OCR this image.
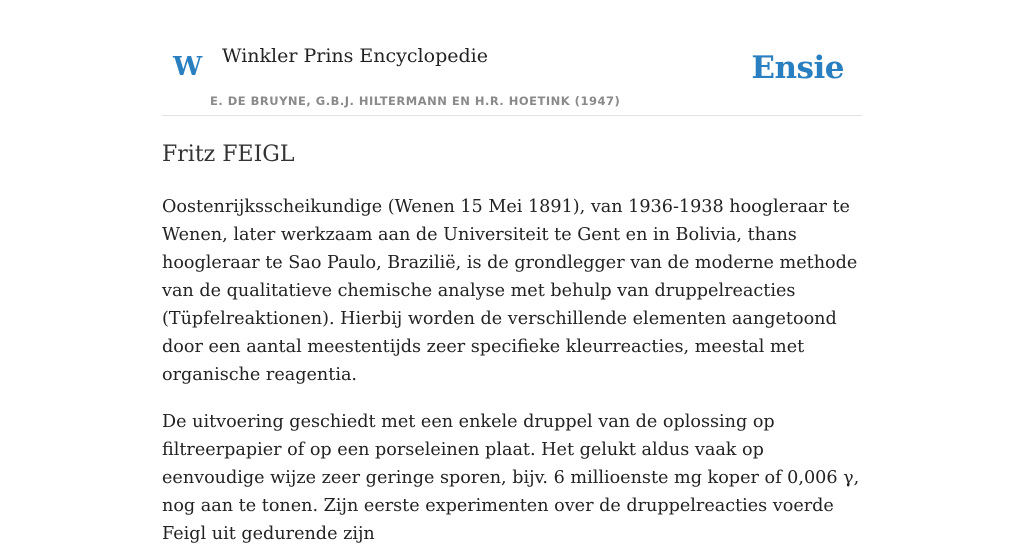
W Winkler Prins Encyclopedie
E. DE BRUYNE, G.B.J. HILTERMANN EN H.R. HOETINK (1947)
Ensie
Fritz FEIGL

Oostenrijksscheikundige (Wenen 15 Mei 1891), van 1936-1938 hoogleraar te Wenen, later werkzaam aan de Universiteit te Gent en in Bolivia, thans hoogleraar te Sao Paulo, Brazilië, is de grondlegger van de moderne methode van de qualitatieve chemische analyse met behulp van druppelreacties (Tüpfelreaktionen). Hierbij worden de verschillende elementen aangetoond door een aantal meestentijds zeer specifieke kleurreacties, meestal met organische reagentia.

De uitvoering geschiedt met een enkele druppel van de oplossing op filtreerpapier of op een porseleinen plaat. Het gelukt aldus vaak op eenvoudige wijze zeer geringe sporen, bijv. 6 millioenste mg koper of 0,006 γ, nog aan te tonen. Zijn eerste experimenten over de druppelreacties voerde Feigl uit gedurende zijn
